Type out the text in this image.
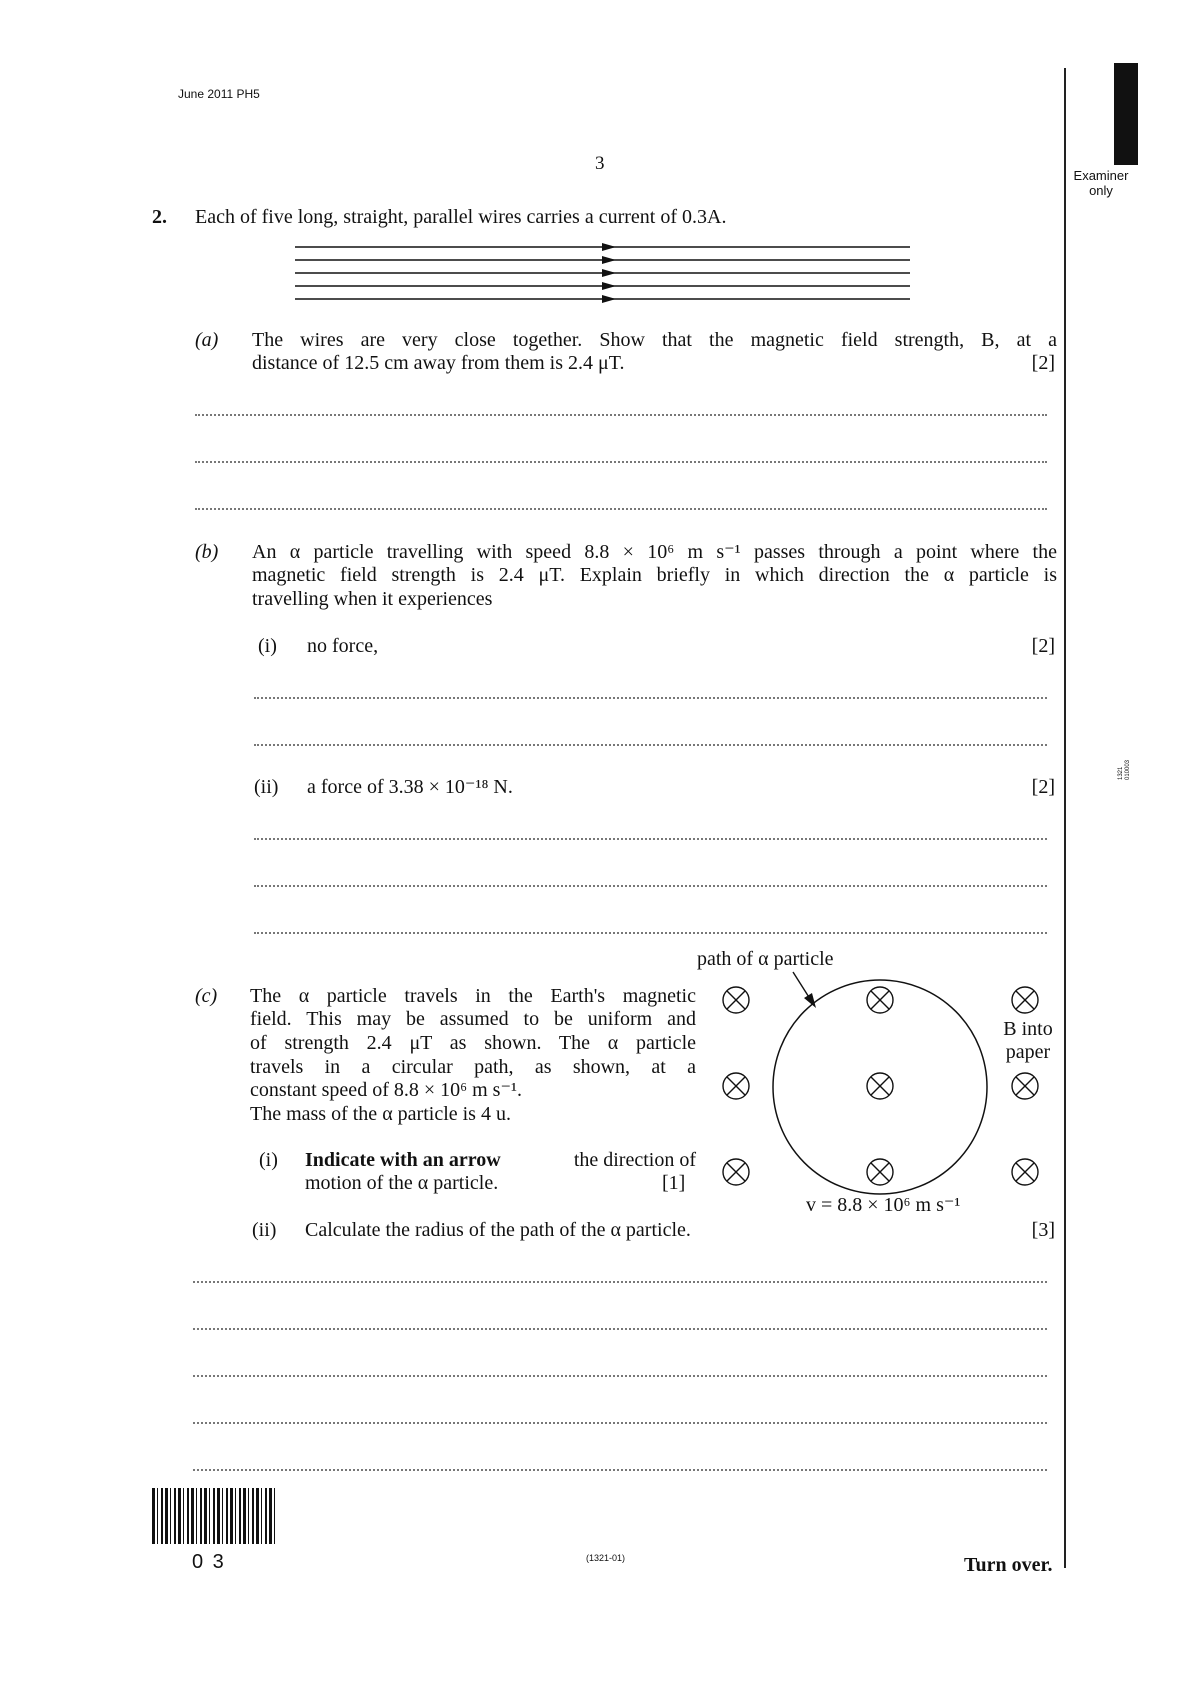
June 2011 PH5
3
Examiner
only
1321 010003
2. Each of five long, straight, parallel wires carries a current of 0.3A.
(a) The wires are very close together. Show that the magnetic field strength, B, at a
distance of 12.5 cm away from them is 2.4 μT.	[2]
(b) An α particle travelling with speed 8.8 × 10⁶ m s⁻¹ passes through a point where the
magnetic field strength is 2.4 μT. Explain briefly in which direction the α particle is
travelling when it experiences
(i) no force,	[2]
(ii) a force of 3.38 × 10⁻¹⁸ N.	[2]
(c) The α particle travels in the Earth's magnetic
field. This may be assumed to be uniform and
of strength 2.4 μT as shown. The α particle
travels in a circular path, as shown, at a
constant speed of 8.8 × 10⁶ m s⁻¹.
The mass of the α particle is 4 u.
(i) Indicate with an arrow	the direction of
motion of the α particle.	[1]
(ii) Calculate the radius of the path of the α particle.	[3]
path of α particle
B into
paper
v = 8.8 × 10⁶ m s⁻¹
0 3	(1321-01)	Turn over.
